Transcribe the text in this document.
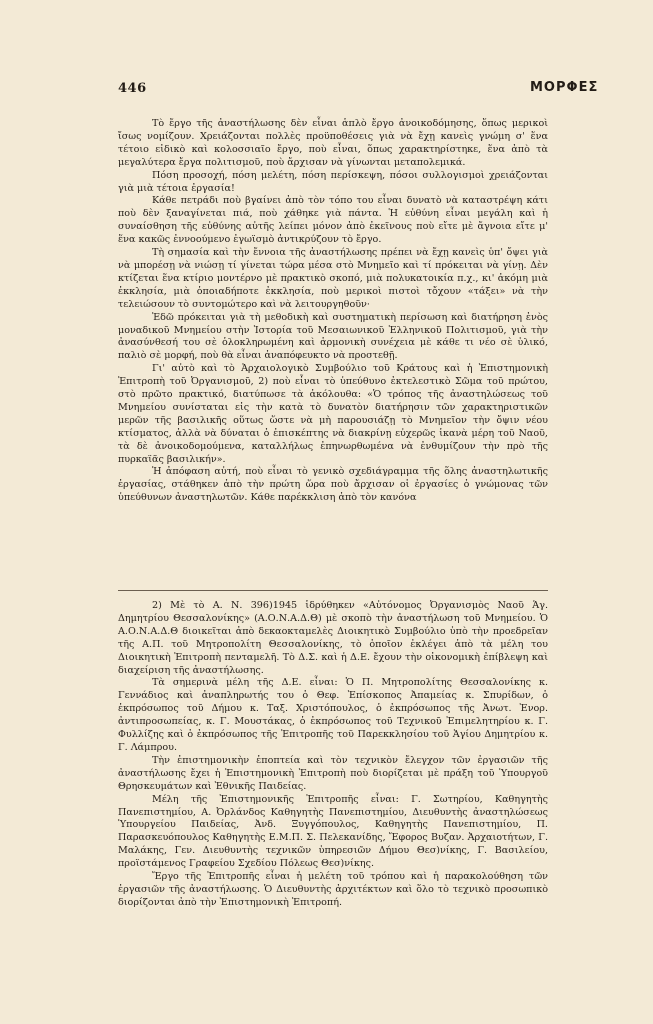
446	ΜΟΡΦΕΣ

Τὸ ἔργο τῆς ἀναστήλωσης δὲν εἶναι ἁπλὸ ἔργο ἀνοικοδόμησης, ὅπως μερικοὶ ἴσως νομίζουν. Χρειάζονται πολλὲς προϋποθέσεις γιὰ νὰ ἔχῃ κανεὶς γνώμη σ' ἕνα τέτοιο εἰδικὸ καὶ κολοσσιαῖο ἔργο, ποὺ εἶναι, ὅπως χαρακτηρίστηκε, ἕνα ἀπὸ τὰ μεγαλύτερα ἔργα πολιτισμοῦ, ποὺ ἄρχισαν νὰ γίνωνται μεταπολεμικά.

Πόση προσοχή, πόση μελέτη, πόση περίσκεψη, πόσοι συλλογισμοὶ χρειάζονται γιὰ μιὰ τέτοια ἐργασία!

Κάθε πετράδι ποὺ βγαίνει ἀπὸ τὸν τόπο του εἶναι δυνατὸ νὰ καταστρέψη κάτι ποὺ δὲν ξαναγίνεται πιά, ποὺ χάθηκε γιὰ πάντα. Ἡ εὐθύνη εἶναι μεγάλη καὶ ἡ συναίσθηση τῆς εὐθύνης αὐτῆς λείπει μόνον ἀπὸ ἐκεῖνους ποὺ εἴτε μὲ ἄγνοια εἴτε μ' ἕνα κακῶς ἐννοούμενο ἐγωϊσμὸ ἀντικρύζουν τὸ ἔργο.

Τὴ σημασία καὶ τὴν ἔννοια τῆς ἀναστήλωσης πρέπει νὰ ἔχῃ κανεὶς ὑπ' ὄψει γιὰ νὰ μπορέσῃ νὰ νιώσῃ τί γίνεται τώρα μέσα στὸ Μνημεῖο καὶ τί πρόκειται νὰ γίνῃ. Δὲν κτίζεται ἕνα κτίριο μοντέρνο μὲ πρακτικὸ σκοπό, μιὰ πολυκατοικία π.χ., κι' ἀκόμη μιὰ ἐκκλησία, μιὰ ὁποιαδήποτε ἐκκλησία, ποὺ μερικοὶ πιστοὶ τὄχουν «τάξει» νὰ τὴν τελειώσουν τὸ συντομώτερο καὶ νὰ λειτουργηθοῦν·

Ἐδῶ πρόκειται γιὰ τὴ μεθοδικὴ καὶ συστηματικὴ περίσωση καὶ διατήρηση ἑνὸς μοναδικοῦ Μνημείου στὴν Ἱστορία τοῦ Μεσαιωνικοῦ Ἑλληνικοῦ Πολιτισμοῦ, γιὰ τὴν ἀνασύνθεσή του σὲ ὁλοκληρωμένη καὶ ἁρμονικὴ συνέχεια μὲ κάθε τι νέο σὲ ὑλικό, παλιὸ σὲ μορφή, ποὺ θὰ εἶναι ἀναπόφευκτο νὰ προστεθῇ.

Γι' αὐτὸ καὶ τὸ Ἀρχαιολογικὸ Συμβούλιο τοῦ Κράτους καὶ ἡ Ἐπιστημονικὴ Ἐπιτροπὴ τοῦ Ὀργανισμοῦ, 2) ποὺ εἶναι τὸ ὑπεύθυνο ἐκτελεστικὸ Σῶμα τοῦ πρώτου, στὸ πρῶτο πρακτικό, διατύπωσε τὰ ἀκόλουθα: «Ὁ τρόπος τῆς ἀναστηλώσεως τοῦ Μνημείου συνίσταται εἰς τὴν κατὰ τὸ δυνατὸν διατήρησιν τῶν χαρακτηριστικῶν μερῶν τῆς βασιλικῆς οὕτως ὥστε νὰ μὴ παρουσιάζῃ τὸ Μνημεῖον τὴν ὄψιν νέου κτίσματος, ἀλλὰ νὰ δύναται ὁ ἐπισκέπτης νὰ διακρίνῃ εὐχερῶς ἱκανὰ μέρη τοῦ Ναοῦ, τὰ δὲ ἀνοικοδομούμενα, καταλλήλως ἐπηνωρθωμένα νὰ ἐνθυμίζουν τὴν πρὸ τῆς πυρκαϊᾶς βασιλικήν».

Ἡ ἀπόφαση αὐτή, ποὺ εἶναι τὸ γενικὸ σχεδιάγραμμα τῆς ὅλης ἀναστηλωτικῆς ἐργασίας, στάθηκεν ἀπὸ τὴν πρώτη ὥρα ποὺ ἄρχισαν οἱ ἐργασίες ὁ γνώμονας τῶν ὑπεύθυνων ἀναστηλωτῶν. Κάθε παρέκκλιση ἀπὸ τὸν κανόνα

2) Μὲ τὸ Α. Ν. 396)1945 ἱδρύθηκεν «Αὐτόνομος Ὀργανισμὸς Ναοῦ Ἁγ. Δημητρίου Θεσσαλονίκης» (Α.Ο.Ν.Α.Δ.Θ) μὲ σκοπὸ τὴν ἀναστήλωση τοῦ Μνημείου. Ὁ Α.Ο.Ν.Α.Δ.Θ διοικεῖται ἀπὸ δεκαοκταμελὲς Διοικητικὸ Συμβούλιο ὑπὸ τὴν προεδρεῖαν τῆς Α.Π. τοῦ Μητροπολίτη Θεσσαλονίκης, τὸ ὁποῖον ἐκλέγει ἀπὸ τὰ μέλη του Διοικητικὴ Ἐπιτροπὴ πενταμελῆ. Τὸ Δ.Σ. καὶ ἡ Δ.Ε. ἔχουν τὴν οἰκονομικὴ ἐπίβλεψη καὶ διαχείριση τῆς ἀναστήλωσης.

Τὰ σημερινὰ μέλη τῆς Δ.Ε. εἶναι: Ὁ Π. Μητροπολίτης Θεσσαλονίκης κ. Γεννάδιος καὶ ἀναπληρωτής του ὁ Θεφ. Ἐπίσκοπος Ἀπαμείας κ. Σπυρίδων, ὁ ἐκπρόσωπος τοῦ Δήμου κ. Ταξ. Χριστόπουλος, ὁ ἐκπρόσωπος τῆς Ἀνωτ. Ἐνορ. ἀντιπροσωπείας, κ. Γ. Μουστάκας, ὁ ἐκπρόσωπος τοῦ Τεχνικοῦ Ἐπιμελητηρίου κ. Γ. Φυλλίζης καὶ ὁ ἐκπρόσωπος τῆς Ἐπιτροπῆς τοῦ Παρεκκλησίου τοῦ Ἁγίου Δημητρίου κ. Γ. Λάμπρου.

Τὴν ἐπιστημονικὴν ἐποπτεία καὶ τὸν τεχνικὸν ἔλεγχον τῶν ἐργασιῶν τῆς ἀναστήλωσης ἔχει ἡ Ἐπιστημονικὴ Ἐπιτροπὴ ποὺ διορίζεται μὲ πράξη τοῦ Ὑπουργοῦ Θρησκευμάτων καὶ Ἐθνικῆς Παιδείας.

Μέλη τῆς Ἐπιστημονικῆς Ἐπιτροπῆς εἶναι: Γ. Σωτηρίου, Καθηγητὴς Πανεπιστημίου, Α. Ὀρλάνδος Καθηγητὴς Πανεπιστημίου, Διευθυντὴς ἀναστηλώσεως Ὑπουργείου Παιδείας, Ἀνδ. Ξυγγόπουλος, Καθηγητὴς Πανεπιστημίου, Π. Παρασκευόπουλος Καθηγητὴς Ε.Μ.Π. Σ. Πελεκανίδης, Ἔφορος Βυζαν. Ἀρχαιοτήτων, Γ. Μαλάκης, Γεν. Διευθυντὴς τεχνικῶν ὑπηρεσιῶν Δήμου Θεσ)νίκης, Γ. Βασιλείου, προϊστάμενος Γραφείου Σχεδίου Πόλεως Θεσ)νίκης.

Ἔργο τῆς Ἐπιτροπῆς εἶναι ἡ μελέτη τοῦ τρόπου καὶ ἡ παρακολούθηση τῶν ἐργασιῶν τῆς ἀναστήλωσης. Ὁ Διευθυντὴς ἀρχιτέκτων καὶ ὅλο τὸ τεχνικὸ προσωπικὸ διορίζονται ἀπὸ τὴν Ἐπιστημονικὴ Ἐπιτροπή.
